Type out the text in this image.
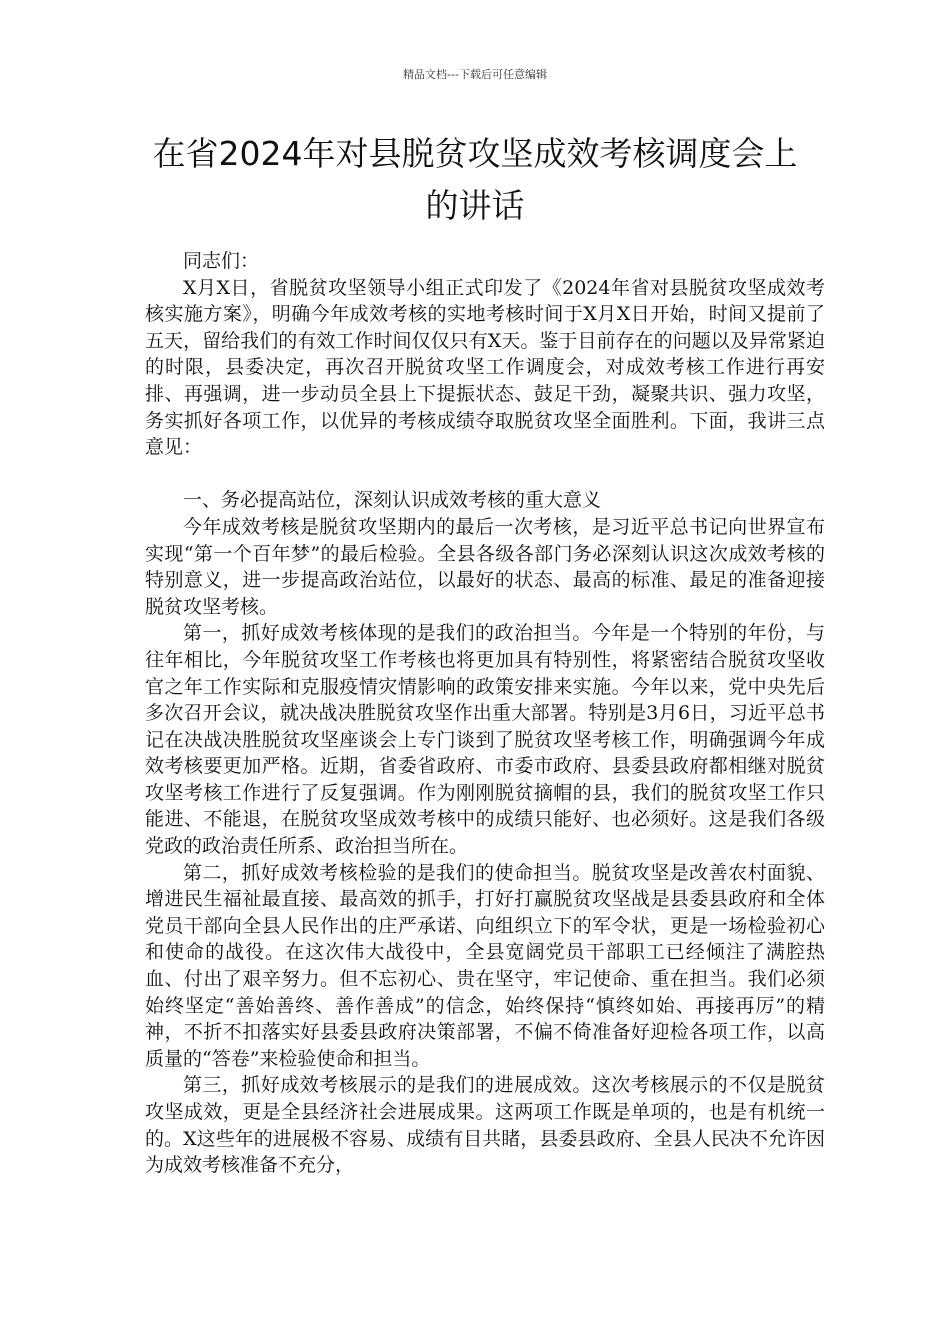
精品文档---下载后可任意编辑
在省2024年对县脱贫攻坚成效考核调度会上的讲话

同志们：

X月X日，省脱贫攻坚领导小组正式印发了《2024年省对县脱贫攻坚成效考核实施方案》，明确今年成效考核的实地考核时间于X月X日开始，时间又提前了五天，留给我们的有效工作时间仅仅只有X天。鉴于目前存在的问题以及异常紧迫的时限，县委决定，再次召开脱贫攻坚工作调度会，对成效考核工作进行再安排、再强调，进一步动员全县上下提振状态、鼓足干劲，凝聚共识、强力攻坚，务实抓好各项工作，以优异的考核成绩夺取脱贫攻坚全面胜利。下面，我讲三点意见：

一、务必提高站位，深刻认识成效考核的重大意义

今年成效考核是脱贫攻坚期内的最后一次考核，是习近平总书记向世界宣布实现“第一个百年梦”的最后检验。全县各级各部门务必深刻认识这次成效考核的特别意义，进一步提高政治站位，以最好的状态、最高的标准、最足的准备迎接脱贫攻坚考核。

第一，抓好成效考核体现的是我们的政治担当。今年是一个特别的年份，与往年相比，今年脱贫攻坚工作考核也将更加具有特别性，将紧密结合脱贫攻坚收官之年工作实际和克服疫情灾情影响的政策安排来实施。今年以来，党中央先后多次召开会议，就决战决胜脱贫攻坚作出重大部署。特别是3月6日，习近平总书记在决战决胜脱贫攻坚座谈会上专门谈到了脱贫攻坚考核工作，明确强调今年成效考核要更加严格。近期，省委省政府、市委市政府、县委县政府都相继对脱贫攻坚考核工作进行了反复强调。作为刚刚脱贫摘帽的县，我们的脱贫攻坚工作只能进、不能退，在脱贫攻坚成效考核中的成绩只能好、也必须好。这是我们各级党政的政治责任所系、政治担当所在。

第二，抓好成效考核检验的是我们的使命担当。脱贫攻坚是改善农村面貌、增进民生福祉最直接、最高效的抓手，打好打赢脱贫攻坚战是县委县政府和全体党员干部向全县人民作出的庄严承诺、向组织立下的军令状，更是一场检验初心和使命的战役。在这次伟大战役中，全县宽阔党员干部职工已经倾注了满腔热血、付出了艰辛努力。但不忘初心、贵在坚守，牢记使命、重在担当。我们必须始终坚定“善始善终、善作善成”的信念，始终保持“慎终如始、再接再厉”的精神，不折不扣落实好县委县政府决策部署，不偏不倚准备好迎检各项工作，以高质量的“答卷”来检验使命和担当。

第三，抓好成效考核展示的是我们的进展成效。这次考核展示的不仅是脱贫攻坚成效，更是全县经济社会进展成果。这两项工作既是单项的，也是有机统一的。X这些年的进展极不容易、成绩有目共睹，县委县政府、全县人民决不允许因为成效考核准备不充分，
